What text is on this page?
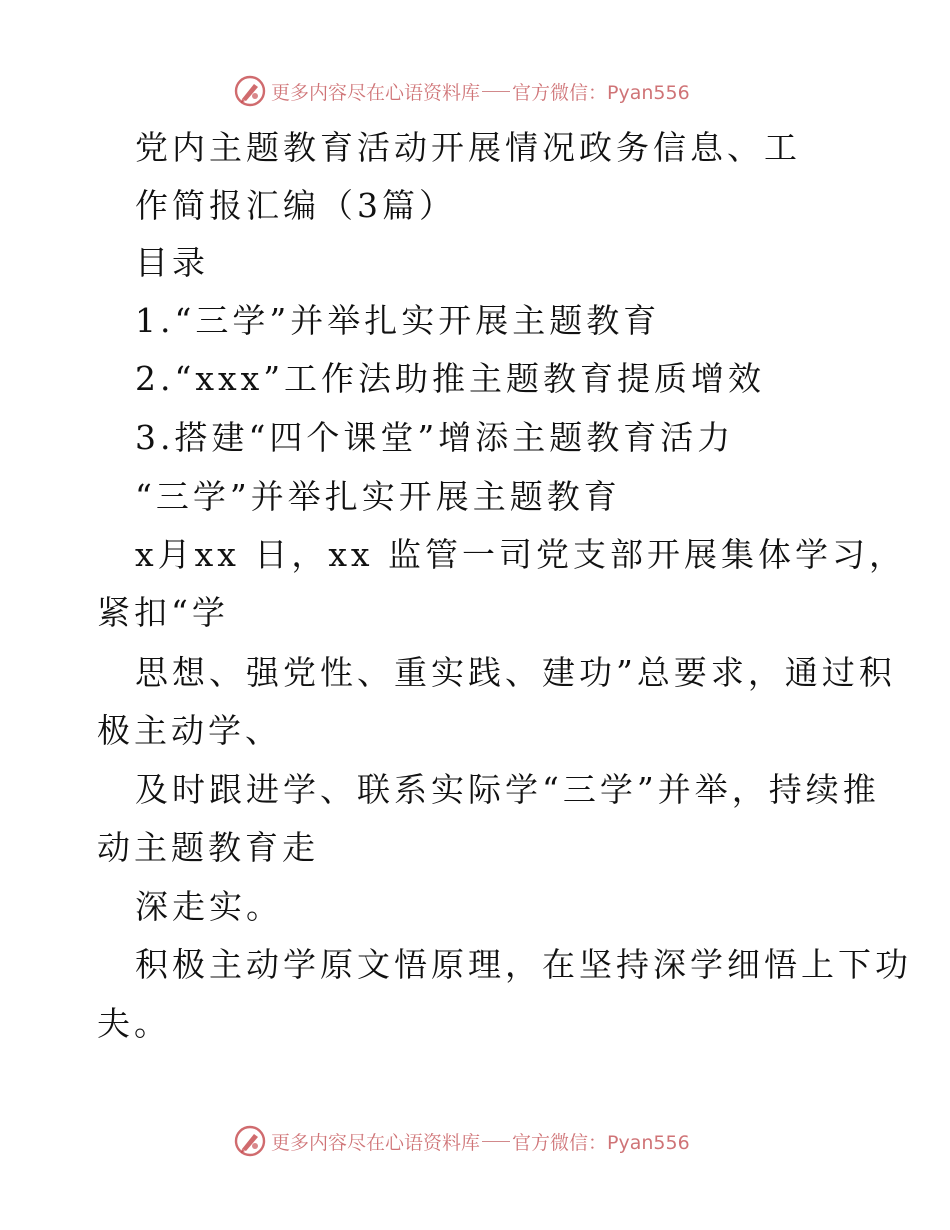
更多内容尽在心语资料库 官方微信：Pyan556
党内主题教育活动开展情况政务信息、工
作简报汇编（3篇）
目录
1.“三学”并举扎实开展主题教育
2.“xxx”工作法助推主题教育提质增效
3.搭建“四个课堂”增添主题教育活力
“三学”并举扎实开展主题教育
x月xx 日，xx 监管一司党支部开展集体学习，
紧扣“学
思想、强党性、重实践、建功”总要求，通过积
极主动学、
及时跟进学、联系实际学“三学”并举，持续推
动主题教育走
深走实。
积极主动学原文悟原理，在坚持深学细悟上下功
夫。
更多内容尽在心语资料库 官方微信：Pyan556
